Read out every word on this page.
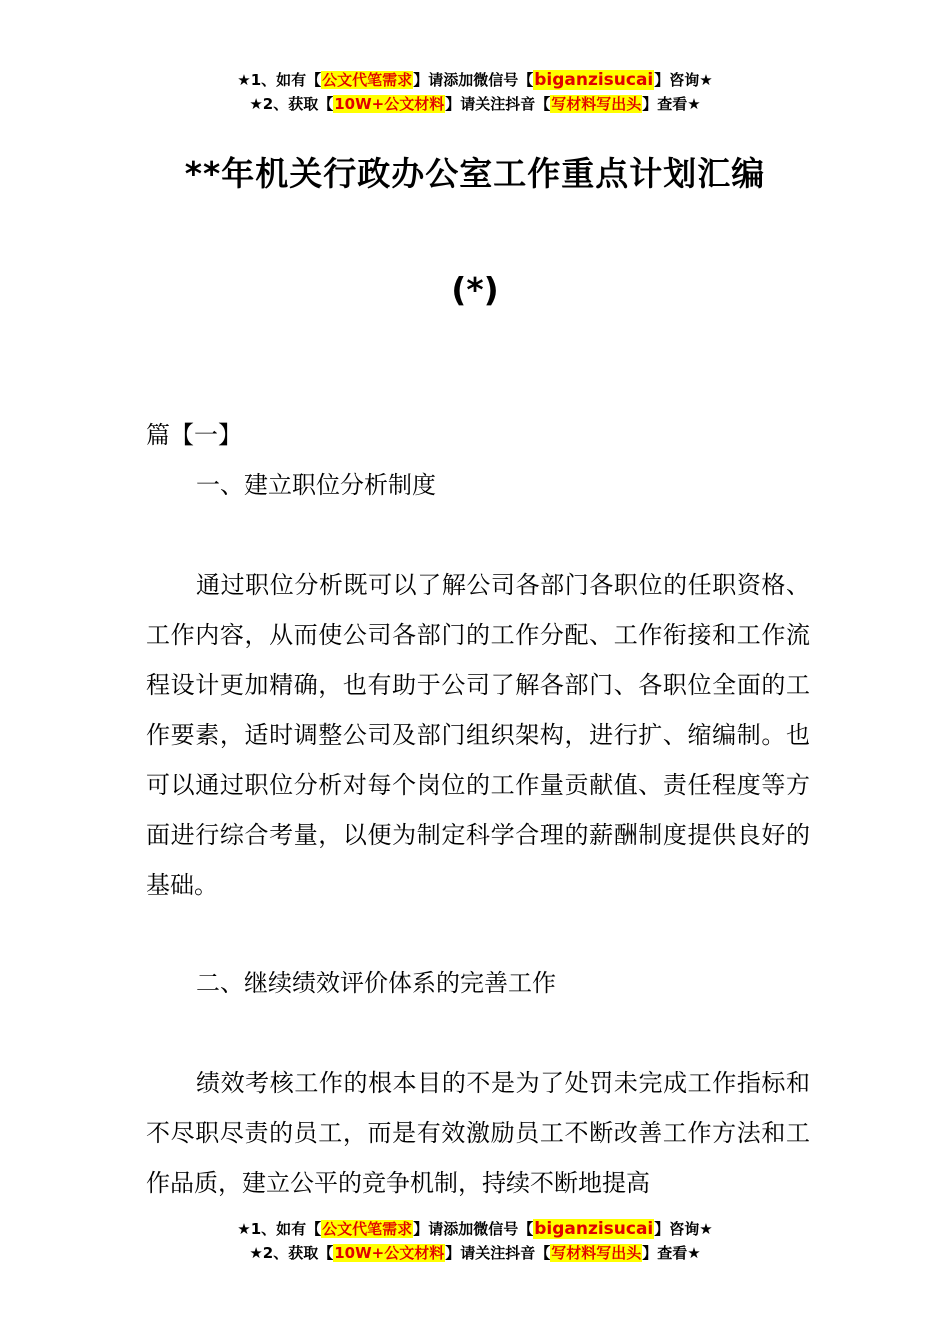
★1、如有【公文代笔需求】请添加微信号【biganzisucai】咨询★
★2、获取【10W+公文材料】请关注抖音【写材料写出头】查看★
**年机关行政办公室工作重点计划汇编
(*)
篇【一】
一、建立职位分析制度
通过职位分析既可以了解公司各部门各职位的任职资格、工作内容，从而使公司各部门的工作分配、工作衔接和工作流程设计更加精确，也有助于公司了解各部门、各职位全面的工作要素，适时调整公司及部门组织架构，进行扩、缩编制。也可以通过职位分析对每个岗位的工作量贡献值、责任程度等方面进行综合考量，以便为制定科学合理的薪酬制度提供良好的基础。
二、继续绩效评价体系的完善工作
绩效考核工作的根本目的不是为了处罚未完成工作指标和不尽职尽责的员工，而是有效激励员工不断改善工作方法和工作品质，建立公平的竞争机制，持续不断地提高
★1、如有【公文代笔需求】请添加微信号【biganzisucai】咨询★
★2、获取【10W+公文材料】请关注抖音【写材料写出头】查看★
